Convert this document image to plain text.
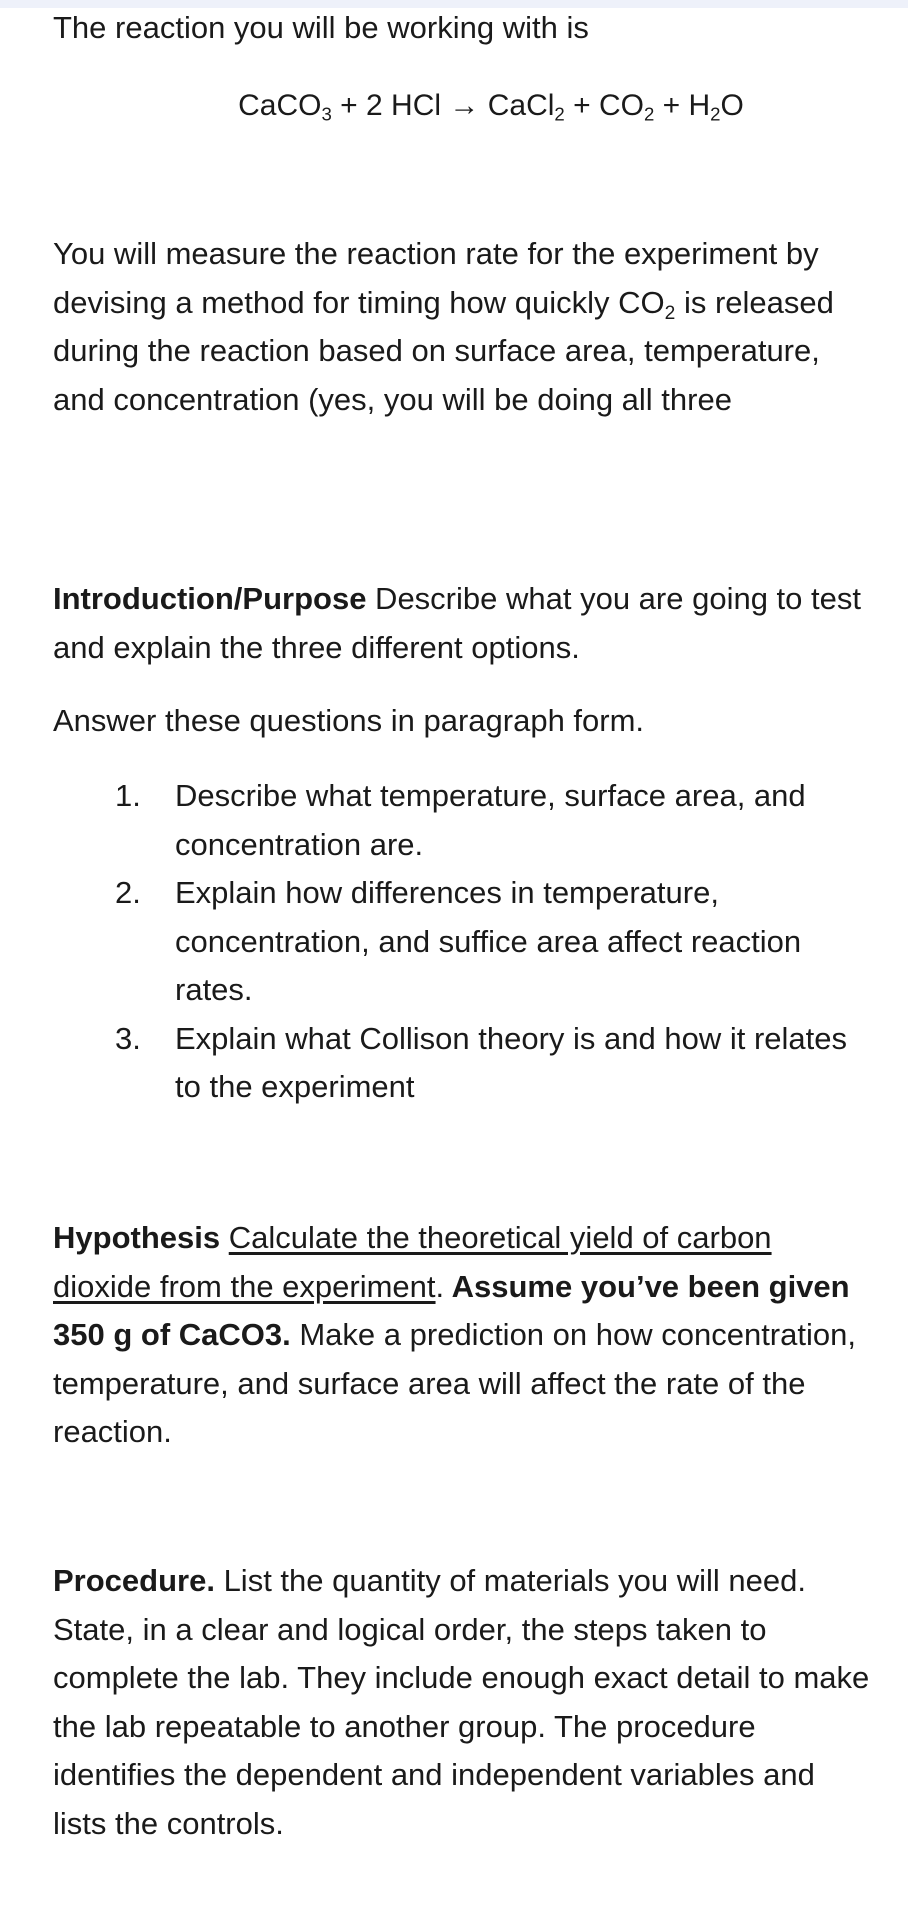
The reaction you will be working with is

CaCO$_3$ + 2 HCl → CaCl$_2$ + $CO_2 + H_2O$

You will measure the reaction rate for the experiment by devising a method for timing how quickly $CO_2$ is released during the reaction based on surface area, temperature, and concentration (yes, you will be doing all three

Introduction/Purpose Describe what you are going to test and explain the three different options.

Answer these questions in paragraph form.

1. Describe what temperature, surface area, and concentration are.
2. Explain how differences in temperature, concentration, and suffice area affect reaction rates.
3. Explain what Collison theory is and how it relates to the experiment

Hypothesis Calculate the theoretical yield of carbon dioxide from the experiment. Assume you’ve been given 350 g of CaCO3. Make a prediction on how concentration, temperature, and surface area will affect the rate of the reaction.

Procedure. List the quantity of materials you will need. State, in a clear and logical order, the steps taken to complete the lab. They include enough exact detail to make the lab repeatable to another group. The procedure identifies the dependent and independent variables and lists the controls.
